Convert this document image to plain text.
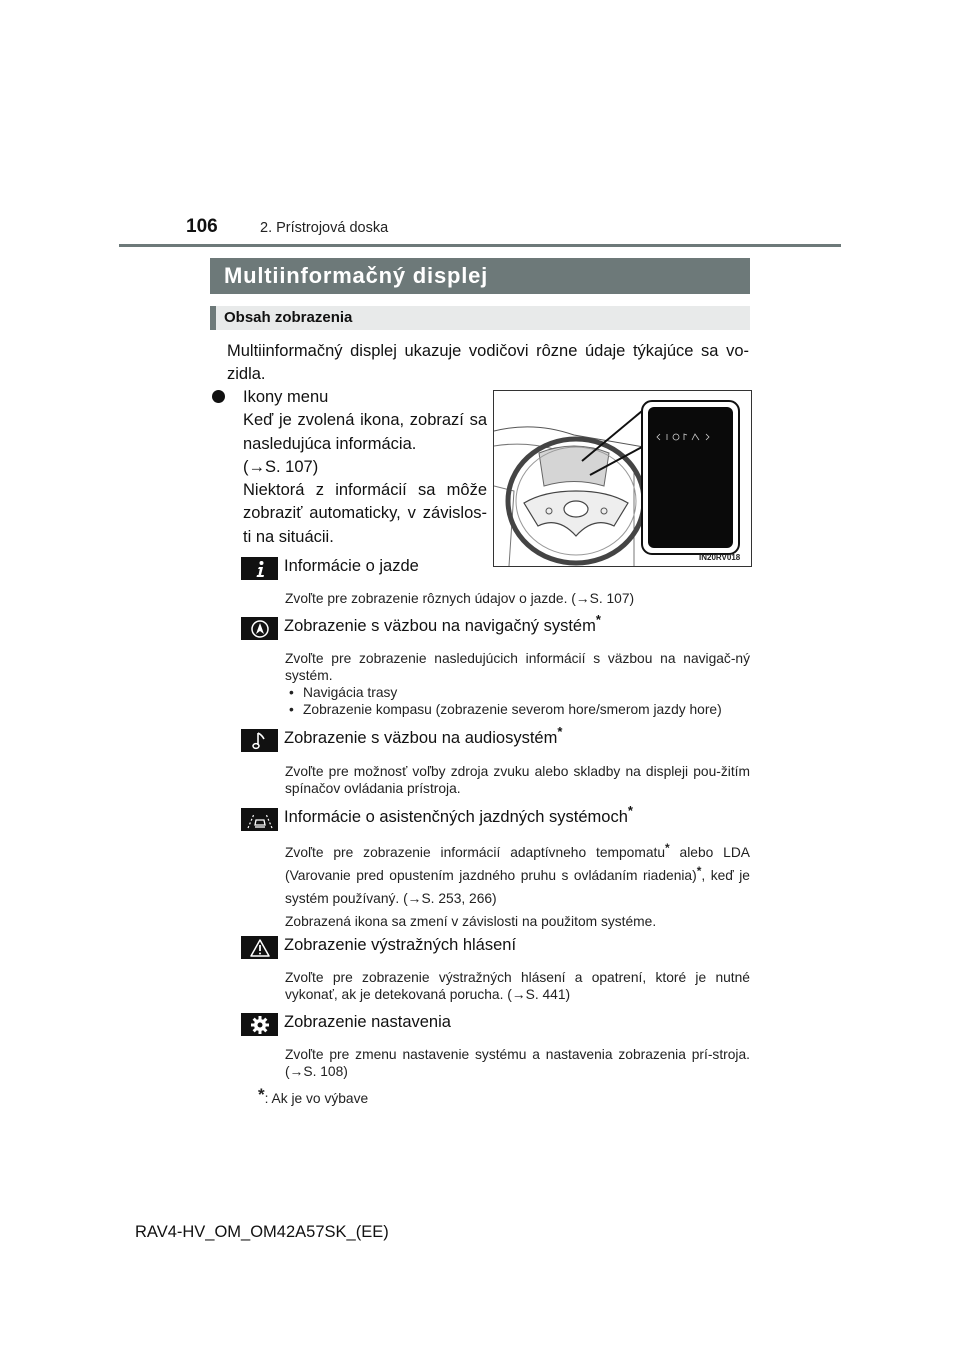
106	2. Prístrojová doska
Multiinformačný displej
Obsah zobrazenia
Multiinformačný displej ukazuje vodičovi rôzne údaje týkajúce sa vo-zidla.

Ikony menu

Keď je zvolená ikona, zobrazí sa nasledujúca informácia.

(→S. 107)

Niektorá z informácií sa môže zobraziť automaticky, v závislos-ti na situácii.

IN20RV018
Informácie o jazde

Zvoľte pre zobrazenie rôznych údajov o jazde. (→S. 107)

Zobrazenie s väzbou na navigačný systém*

Zvoľte pre zobrazenie nasledujúcich informácií s väzbou na navigač-ný systém.

• Navigácia trasy

• Zobrazenie kompasu (zobrazenie severom hore/smerom jazdy hore)

Zobrazenie s väzbou na audiosystém*

Zvoľte pre možnosť voľby zdroja zvuku alebo skladby na displeji pou-žitím spínačov ovládania prístroja.

Informácie o asistenčných jazdných systémoch*

Zvoľte pre zobrazenie informácií adaptívneho tempomatu* alebo LDA (Varovanie pred opustením jazdného pruhu s ovládaním riadenia)*, keď je systém používaný. (→S. 253, 266)

Zobrazená ikona sa zmení v závislosti na použitom systéme.

Zobrazenie výstražných hlásení

Zvoľte pre zobrazenie výstražných hlásení a opatrení, ktoré je nutné vykonať, ak je detekovaná porucha. (→S. 441)

Zobrazenie nastavenia

Zvoľte pre zmenu nastavenie systému a nastavenia zobrazenia prí-stroja. (→S. 108)

*: Ak je vo výbave
RAV4-HV_OM_OM42A57SK_(EE)
